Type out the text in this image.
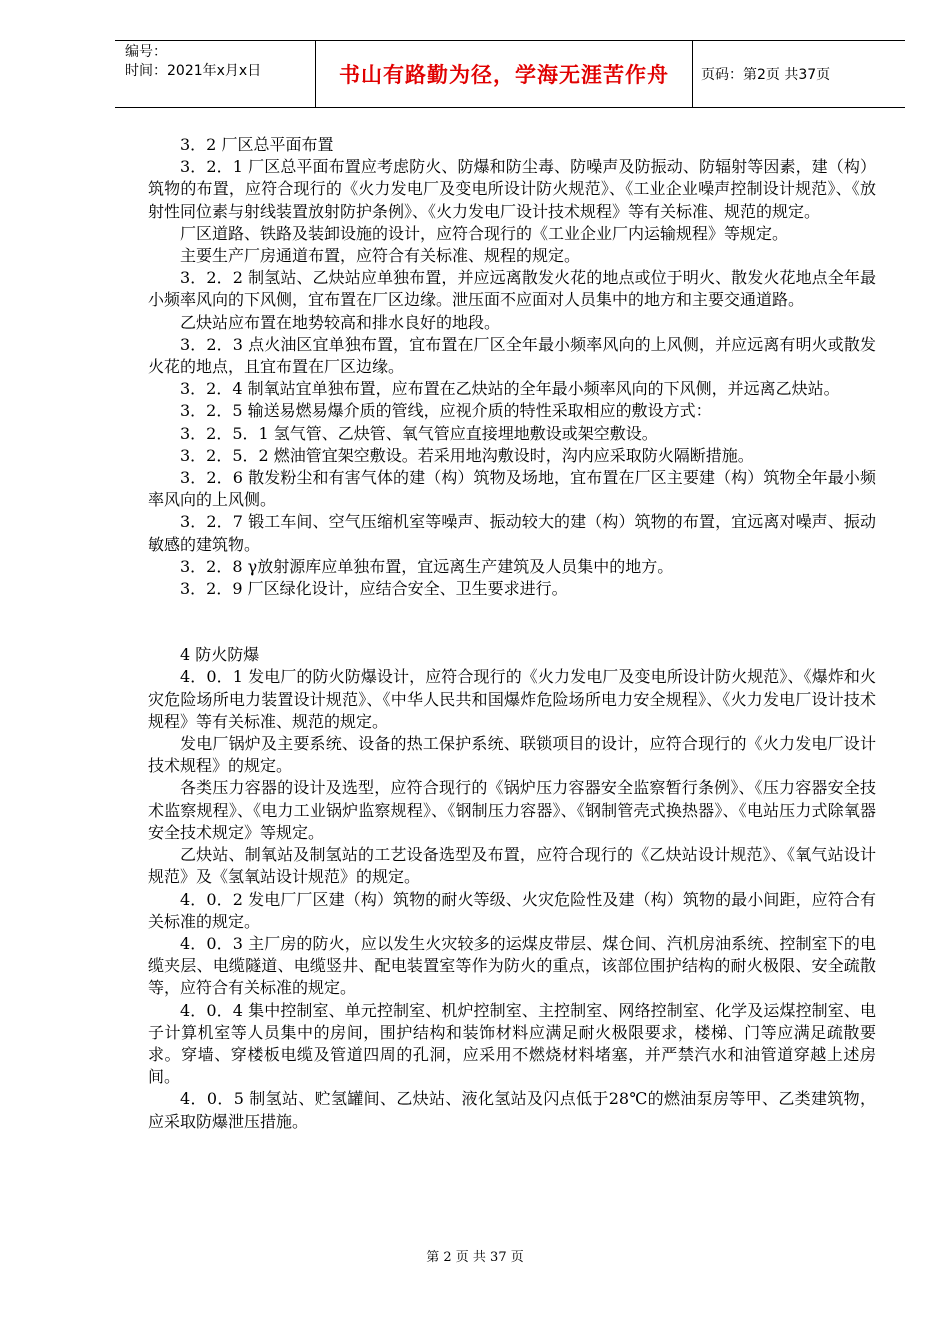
编号：
时间：2021年x月x日	书山有路勤为径，学海无涯苦作舟 页码：第2页 共37页

3．2 厂区总平面布置

3．2．1 厂区总平面布置应考虑防火、防爆和防尘毒、防噪声及防振动、防辐射等因素，建（构）筑物的布置，应符合现行的《火力发电厂及变电所设计防火规范》、《工业企业噪声控制设计规范》、《放射性同位素与射线装置放射防护条例》、《火力发电厂设计技术规程》等有关标准、规范的规定。

厂区道路、铁路及装卸设施的设计，应符合现行的《工业企业厂内运输规程》等规定。

主要生产厂房通道布置，应符合有关标准、规程的规定。

3．2．2 制氢站、乙炔站应单独布置，并应远离散发火花的地点或位于明火、散发火花地点全年最小频率风向的下风侧，宜布置在厂区边缘。泄压面不应面对人员集中的地方和主要交通道路。

乙炔站应布置在地势较高和排水良好的地段。

3．2．3 点火油区宜单独布置，宜布置在厂区全年最小频率风向的上风侧，并应远离有明火或散发火花的地点，且宜布置在厂区边缘。

3．2．4 制氧站宜单独布置，应布置在乙炔站的全年最小频率风向的下风侧，并远离乙炔站。

3．2．5 输送易燃易爆介质的管线，应视介质的特性采取相应的敷设方式：

3．2．5．1 氢气管、乙炔管、氧气管应直接埋地敷设或架空敷设。

3．2．5．2 燃油管宜架空敷设。若采用地沟敷设时，沟内应采取防火隔断措施。

3．2．6 散发粉尘和有害气体的建（构）筑物及场地，宜布置在厂区主要建（构）筑物全年最小频率风向的上风侧。

3．2．7 锻工车间、空气压缩机室等噪声、振动较大的建（构）筑物的布置，宜远离对噪声、振动敏感的建筑物。

3．2．8 γ放射源库应单独布置，宜远离生产建筑及人员集中的地方。

3．2．9 厂区绿化设计，应结合安全、卫生要求进行。

4 防火防爆

4．0．1 发电厂的防火防爆设计，应符合现行的《火力发电厂及变电所设计防火规范》、《爆炸和火灾危险场所电力装置设计规范》、《中华人民共和国爆炸危险场所电力安全规程》、《火力发电厂设计技术规程》等有关标准、规范的规定。

发电厂锅炉及主要系统、设备的热工保护系统、联锁项目的设计，应符合现行的《火力发电厂设计技术规程》的规定。

各类压力容器的设计及选型，应符合现行的《锅炉压力容器安全监察暂行条例》、《压力容器安全技术监察规程》、《电力工业锅炉监察规程》、《钢制压力容器》、《钢制管壳式换热器》、《电站压力式除氧器安全技术规定》等规定。

乙炔站、制氧站及制氢站的工艺设备选型及布置，应符合现行的《乙炔站设计规范》、《氧气站设计规范》及《氢氧站设计规范》的规定。

4．0．2 发电厂厂区建（构）筑物的耐火等级、火灾危险性及建（构）筑物的最小间距，应符合有关标准的规定。

4．0．3 主厂房的防火，应以发生火灾较多的运煤皮带层、煤仓间、汽机房油系统、控制室下的电缆夹层、电缆隧道、电缆竖井、配电装置室等作为防火的重点，该部位围护结构的耐火极限、安全疏散等，应符合有关标准的规定。

4．0．4 集中控制室、单元控制室、机炉控制室、主控制室、网络控制室、化学及运煤控制室、电子计算机室等人员集中的房间，围护结构和装饰材料应满足耐火极限要求，楼梯、门等应满足疏散要求。穿墙、穿楼板电缆及管道四周的孔洞，应采用不燃烧材料堵塞，并严禁汽水和油管道穿越上述房间。

4．0．5 制氢站、贮氢罐间、乙炔站、液化氢站及闪点低于28℃的燃油泵房等甲、乙类建筑物，应采取防爆泄压措施。

第 2 页 共 37 页
